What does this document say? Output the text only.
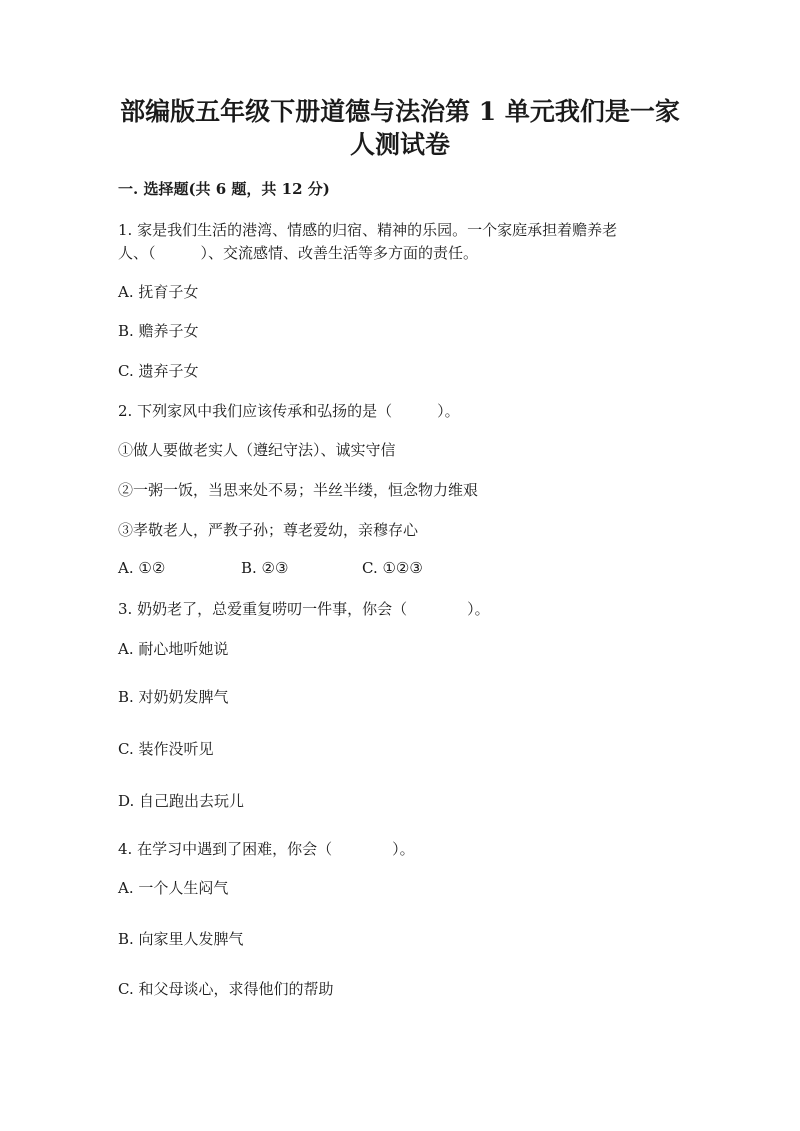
部编版五年级下册道德与法治第 1 单元我们是一家
人测试卷
一. 选择题(共 6 题，共 12 分)
1. 家是我们生活的港湾、情感的归宿、精神的乐园。一个家庭承担着赡养老
人、（　　　）、交流感情、改善生活等多方面的责任。
A. 抚育子女
B. 赡养子女
C. 遗弃子女
2. 下列家风中我们应该传承和弘扬的是（　　　）。
①做人要做老实人（遵纪守法）、诚实守信
②一粥一饭，当思来处不易；半丝半缕，恒念物力维艰
③孝敬老人，严教子孙；尊老爱幼，亲穆存心
A. ①②	B. ②③	C. ①②③
3. 奶奶老了，总爱重复唠叨一件事，你会（　　　　）。
A. 耐心地听她说
B. 对奶奶发脾气
C. 装作没听见
D. 自己跑出去玩儿
4. 在学习中遇到了困难，你会（　　　　）。
A. 一个人生闷气
B. 向家里人发脾气
C. 和父母谈心，求得他们的帮助
